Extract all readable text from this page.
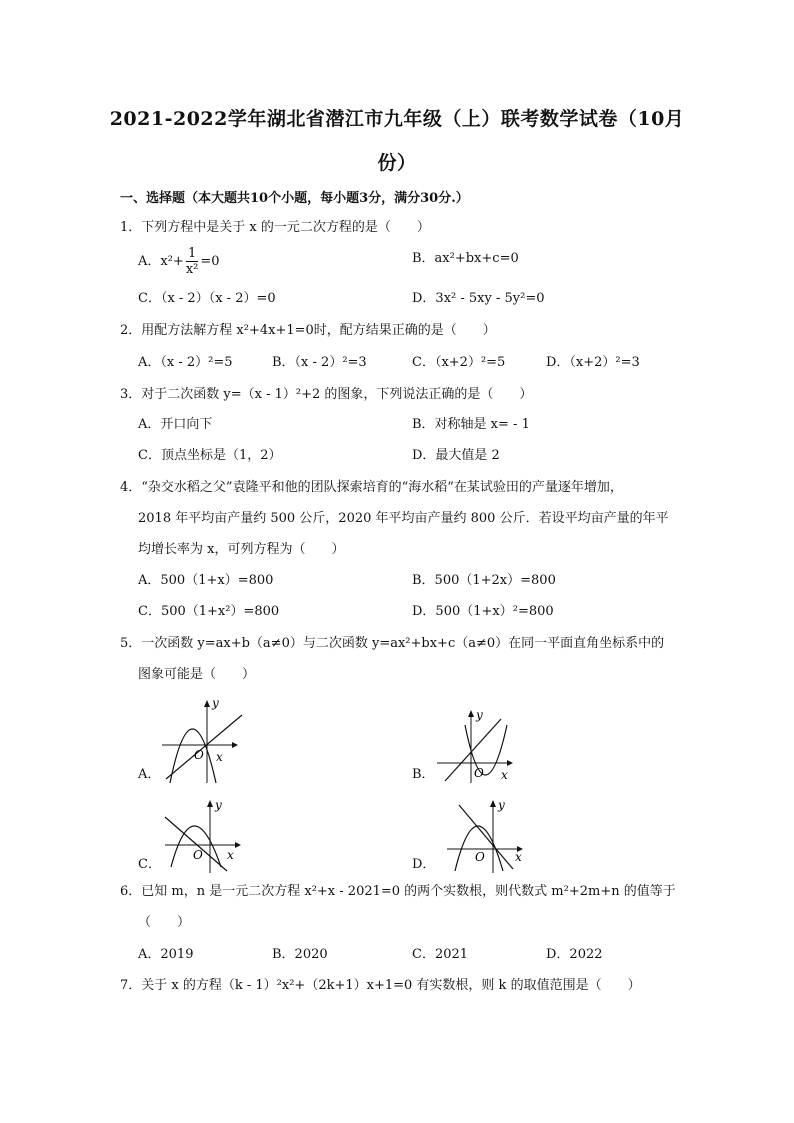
2021-2022学年湖北省潜江市九年级（上）联考数学试卷（10月
份）
一、选择题（本大题共10个小题，每小题3分，满分30分.）
1．下列方程中是关于 x 的一元二次方程的是（　　）
A．$x^2+ \frac{1}{\text{x²}} =0$	B．ax²+bx+c=0
C．（x - 2）（x - 2）=0	D．3x² - 5xy - 5y²=0
2．用配方法解方程 x²+4x+1=0时，配方结果正确的是（　　）
A．（x - 2）²=5	B．（x - 2）²=3	C．（x+2）²=5	D．（x+2）²=3
3．对于二次函数 y=（x - 1）²+2 的图象，下列说法正确的是（　　）
A．开口向下	B．对称轴是 x= - 1
C．顶点坐标是（1，2）	D．最大值是 2
4．“杂交水稻之父”袁隆平和他的团队探索培育的“海水稻”在某试验田的产量逐年增加，
2018 年平均亩产量约 500 公斤，2020 年平均亩产量约 800 公斤．若设平均亩产量的年平
均增长率为 x，可列方程为（　　）
A．500（1+x）=800	B．500（1+2x）=800
C．500（1+x²）=800	D．500（1+x）²=800
5．一次函数 y=ax+b（a≠0）与二次函数 y=ax²+bx+c（a≠0）在同一平面直角坐标系中的
图象可能是（　　）
A．
x
y
O
B．	x
y
O
C．
x
y
O
D．	x
y
O
6．已知 m，n 是一元二次方程 x²+x - 2021=0 的两个实数根，则代数式 m²+2m+n 的值等于
（　　）
A．2019	B．2020	C．2021	D．2022
7．关于 x 的方程（k - 1）²x²+（2k+1）x+1=0 有实数根，则 k 的取值范围是（　　）
